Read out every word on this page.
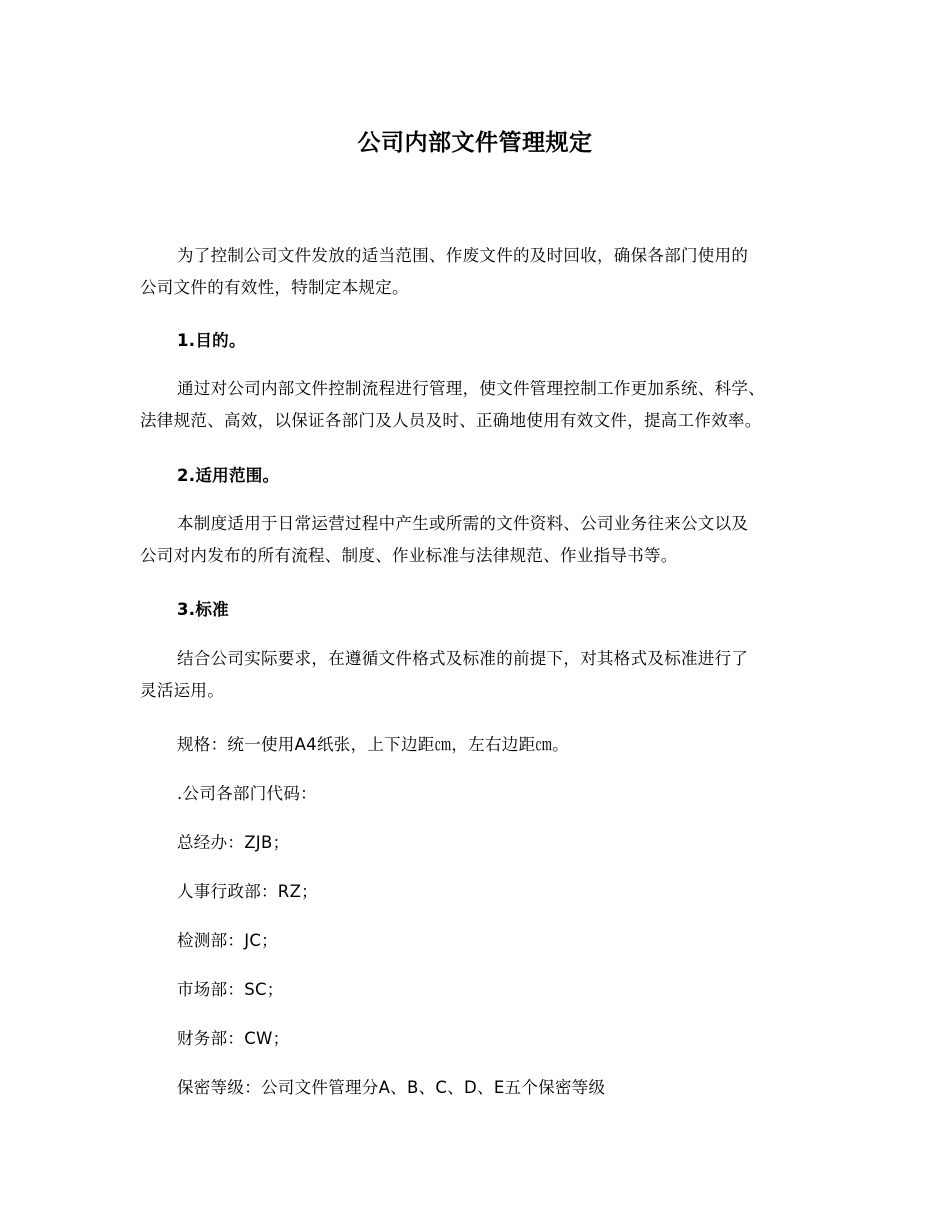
公司内部文件管理规定
为了控制公司文件发放的适当范围、作废文件的及时回收，确保各部门使用的
公司文件的有效性，特制定本规定。
1.目的。
通过对公司内部文件控制流程进行管理，使文件管理控制工作更加系统、科学、
法律规范、高效，以保证各部门及人员及时、正确地使用有效文件，提高工作效率。
2.适用范围。
本制度适用于日常运营过程中产生或所需的文件资料、公司业务往来公文以及
公司对内发布的所有流程、制度、作业标准与法律规范、作业指导书等。
3.标准
结合公司实际要求，在遵循文件格式及标准的前提下，对其格式及标准进行了
灵活运用。
规格：统一使用A4纸张，上下边距㎝，左右边距㎝。
.公司各部门代码：
总经办：ZJB；
人事行政部：RZ；
检测部：JC；
市场部：SC；
财务部：CW；
保密等级：公司文件管理分A、B、C、D、E五个保密等级
